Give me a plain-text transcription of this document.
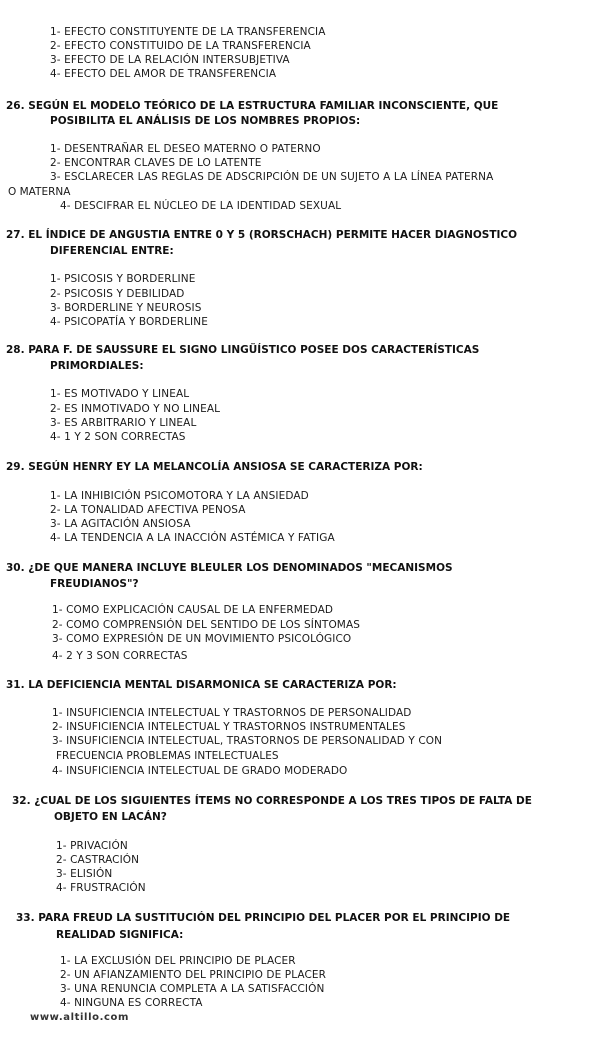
1- EFECTO CONSTITUYENTE DE LA TRANSFERENCIA
2- EFECTO CONSTITUIDO DE LA TRANSFERENCIA
3- EFECTO DE LA RELACIÓN INTERSUBJETIVA
4- EFECTO DEL AMOR DE TRANSFERENCIA
26. SEGÚN EL MODELO TEÓRICO DE LA ESTRUCTURA FAMILIAR INCONSCIENTE, QUE
POSIBILITA EL ANÁLISIS DE LOS NOMBRES PROPIOS:
1- DESENTRAÑAR EL DESEO MATERNO O PATERNO
2- ENCONTRAR CLAVES DE LO LATENTE
3- ESCLARECER LAS REGLAS DE ADSCRIPCIÓN DE UN SUJETO A LA LÍNEA PATERNA
O MATERNA
4- DESCIFRAR EL NÚCLEO DE LA IDENTIDAD SEXUAL
27. EL ÍNDICE DE ANGUSTIA ENTRE 0 Y 5 (RORSCHACH) PERMITE HACER DIAGNOSTICO
DIFERENCIAL ENTRE:
1- PSICOSIS Y BORDERLINE
2- PSICOSIS Y DEBILIDAD
3- BORDERLINE Y NEUROSIS
4- PSICOPATÍA Y BORDERLINE
28. PARA F. DE SAUSSURE EL SIGNO LINGÜÍSTICO POSEE DOS CARACTERÍSTICAS
PRIMORDIALES:
1- ES MOTIVADO Y LINEAL
2- ES INMOTIVADO Y NO LINEAL
3- ES ARBITRARIO Y LINEAL
4- 1 Y 2 SON CORRECTAS
29. SEGÚN HENRY EY LA MELANCOLÍA ANSIOSA SE CARACTERIZA POR:
1- LA INHIBICIÓN PSICOMOTORA Y LA ANSIEDAD
2- LA TONALIDAD AFECTIVA PENOSA
3- LA AGITACIÓN ANSIOSA
4- LA TENDENCIA A LA INACCIÓN ASTÉMICA Y FATIGA
30. ¿DE QUE MANERA INCLUYE BLEULER LOS DENOMINADOS "MECANISMOS
FREUDIANOS"?
1- COMO EXPLICACIÓN CAUSAL DE LA ENFERMEDAD
2- COMO COMPRENSIÓN DEL SENTIDO DE LOS SÍNTOMAS
3- COMO EXPRESIÓN DE UN MOVIMIENTO PSICOLÓGICO
4- 2 Y 3 SON CORRECTAS
31. LA DEFICIENCIA MENTAL DISARMONICA SE CARACTERIZA POR:
1- INSUFICIENCIA INTELECTUAL Y TRASTORNOS DE PERSONALIDAD
2- INSUFICIENCIA INTELECTUAL Y TRASTORNOS INSTRUMENTALES
3- INSUFICIENCIA INTELECTUAL, TRASTORNOS DE PERSONALIDAD Y CON
FRECUENCIA PROBLEMAS INTELECTUALES
4- INSUFICIENCIA INTELECTUAL DE GRADO MODERADO
32. ¿CUAL DE LOS SIGUIENTES ÍTEMS NO CORRESPONDE A LOS TRES TIPOS DE FALTA DE
OBJETO EN LACÁN?
1- PRIVACIÓN
2- CASTRACIÓN
3- ELISIÓN
4- FRUSTRACIÓN
33. PARA FREUD LA SUSTITUCIÓN DEL PRINCIPIO DEL PLACER POR EL PRINCIPIO DE
REALIDAD SIGNIFICA:
1- LA EXCLUSIÓN DEL PRINCIPIO DE PLACER
2- UN AFIANZAMIENTO DEL PRINCIPIO DE PLACER
3- UNA RENUNCIA COMPLETA A LA SATISFACCIÓN
4- NINGUNA ES CORRECTA
www.altillo.com
